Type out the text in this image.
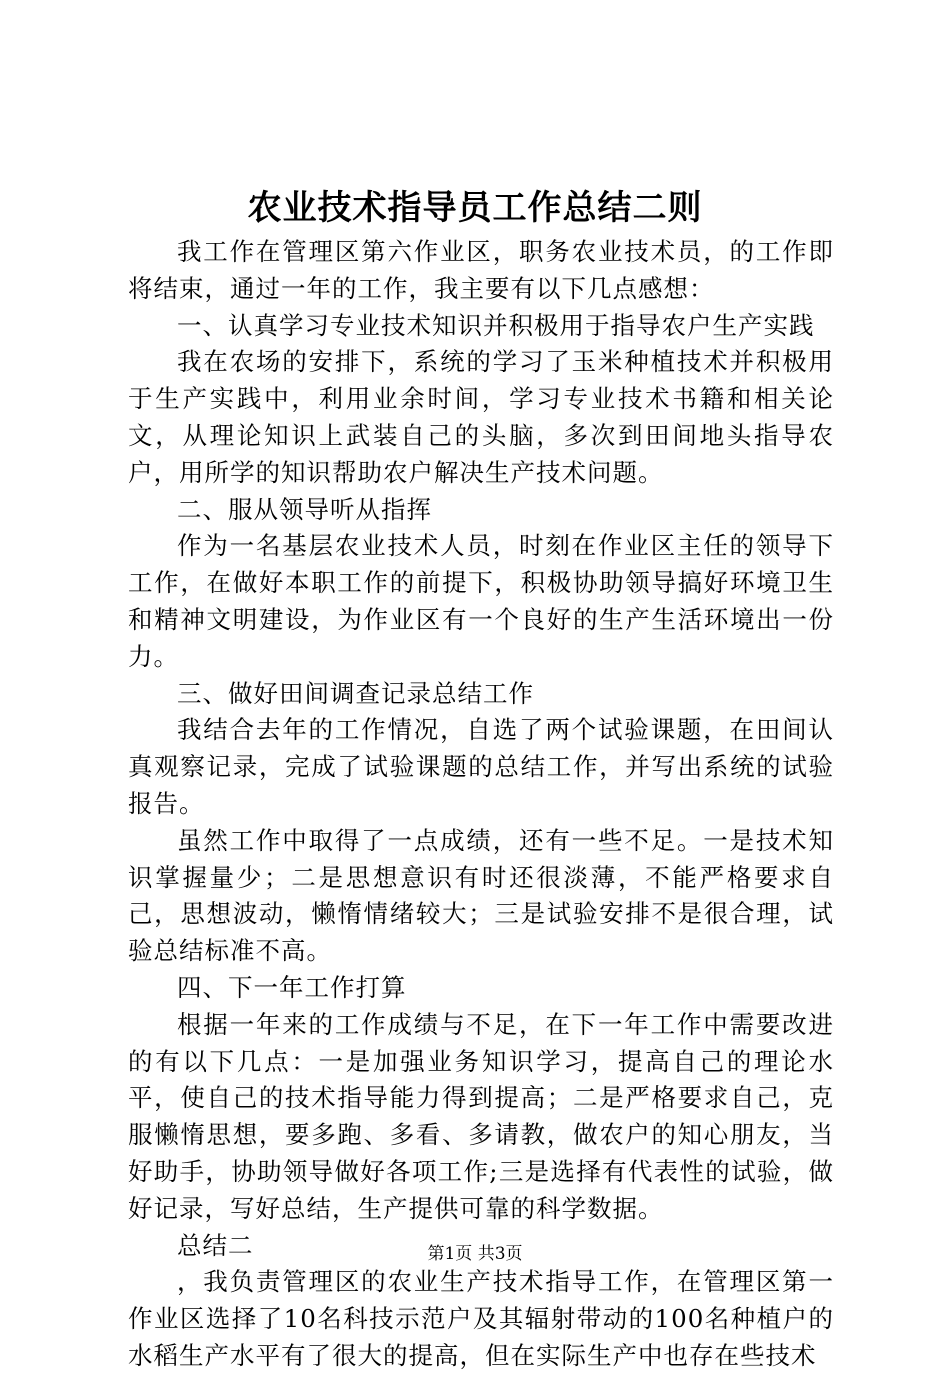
农业技术指导员工作总结二则

我工作在管理区第六作业区，职务农业技术员，的工作即将结束，通过一年的工作，我主要有以下几点感想：

一、认真学习专业技术知识并积极用于指导农户生产实践

我在农场的安排下，系统的学习了玉米种植技术并积极用于生产实践中，利用业余时间，学习专业技术书籍和相关论文，从理论知识上武装自己的头脑，多次到田间地头指导农户，用所学的知识帮助农户解决生产技术问题。

二、服从领导听从指挥

作为一名基层农业技术人员，时刻在作业区主任的领导下工作，在做好本职工作的前提下，积极协助领导搞好环境卫生和精神文明建设，为作业区有一个良好的生产生活环境出一份力。

三、做好田间调查记录总结工作

我结合去年的工作情况，自选了两个试验课题，在田间认真观察记录，完成了试验课题的总结工作，并写出系统的试验报告。

虽然工作中取得了一点成绩，还有一些不足。一是技术知识掌握量少；二是思想意识有时还很淡薄，不能严格要求自己，思想波动，懒惰情绪较大；三是试验安排不是很合理，试验总结标准不高。

四、下一年工作打算

根据一年来的工作成绩与不足，在下一年工作中需要改进的有以下几点：一是加强业务知识学习，提高自己的理论水平，使自己的技术指导能力得到提高；二是严格要求自己，克服懒惰思想，要多跑、多看、多请教，做农户的知心朋友，当好助手，协助领导做好各项工作;三是选择有代表性的试验，做好记录，写好总结，生产提供可靠的科学数据。

总结二

，我负责管理区的农业生产技术指导工作，在管理区第一作业区选择了10名科技示范户及其辐射带动的100名种植户的水稻生产水平有了很大的提高，但在实际生产中也存在些技术

第1页 共3页
